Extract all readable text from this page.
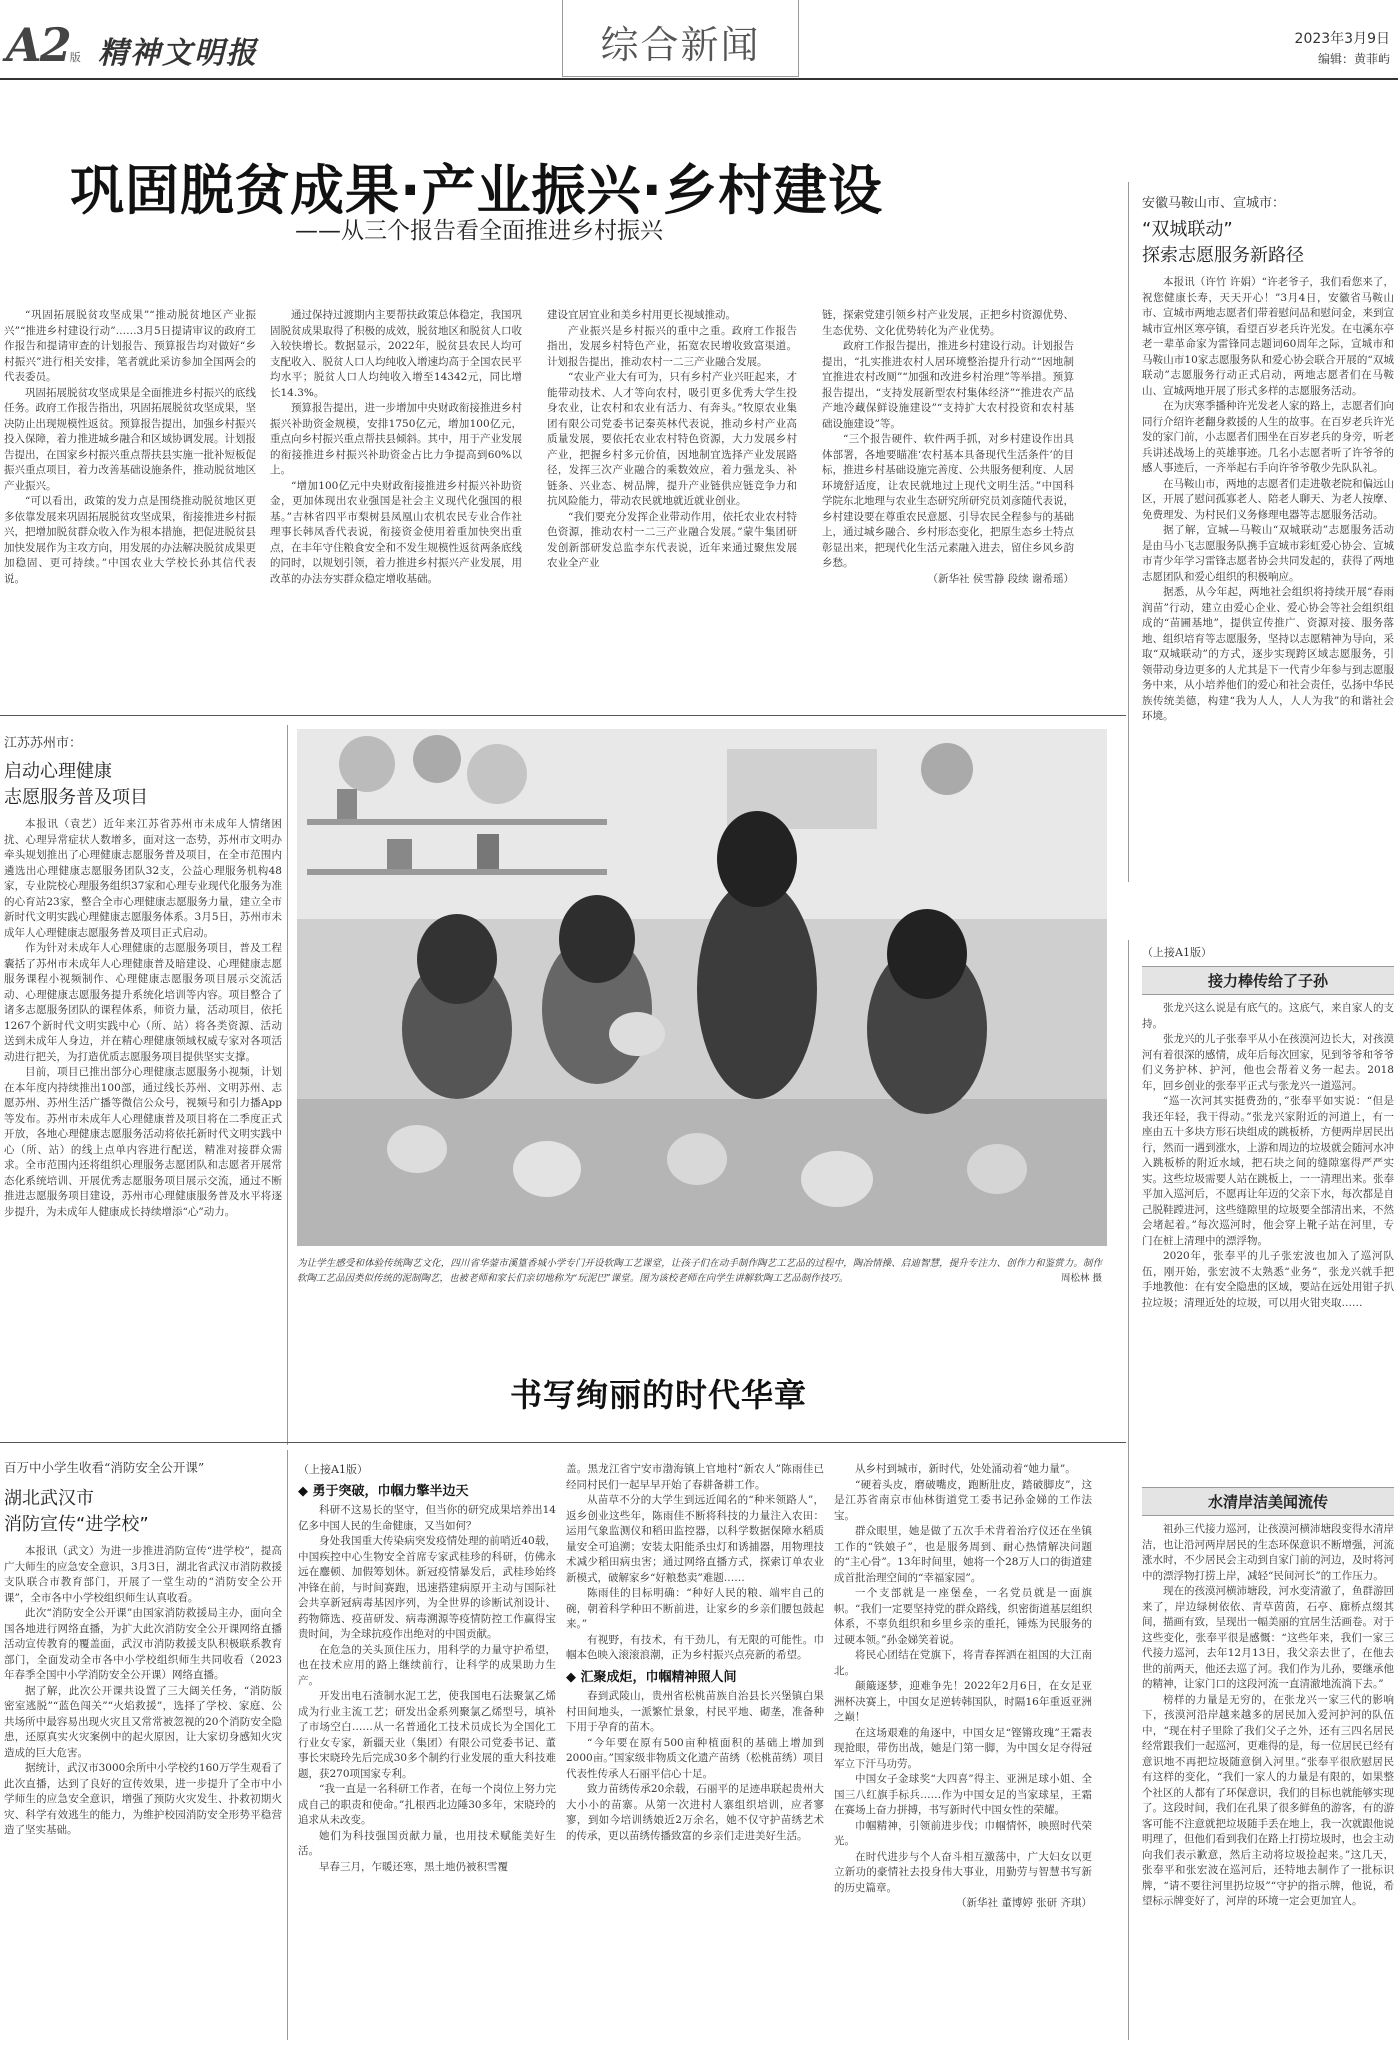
A2版 精神文明报	综合新闻	2023年3月9日
编辑：黄菲屿
巩固脱贫成果·产业振兴·乡村建设
——从三个报告看全面推进乡村振兴

“巩固拓展脱贫攻坚成果”“推动脱贫地区产业振兴”“推进乡村建设行动”……3月5日提请审议的政府工作报告和提请审查的计划报告、预算报告均对做好“乡村振兴”进行相关安排，笔者就此采访参加全国两会的代表委员。

巩固拓展脱贫攻坚成果是全面推进乡村振兴的底线任务。政府工作报告指出，巩固拓展脱贫攻坚成果，坚决防止出现规模性返贫。预算报告提出，加强乡村振兴投入保障，着力推进城乡融合和区域协调发展。计划报告提出，在国家乡村振兴重点帮扶县实施一批补短板促振兴重点项目，着力改善基础设施条件，推动脱贫地区产业振兴。

“可以看出，政策的发力点是围绕推动脱贫地区更多依靠发展来巩固拓展脱贫攻坚成果，衔接推进乡村振兴，把增加脱贫群众收入作为根本措施，把促进脱贫县加快发展作为主攻方向，用发展的办法解决脱贫成果更加稳固、更可持续。”中国农业大学校长孙其信代表说。

通过保持过渡期内主要帮扶政策总体稳定，我国巩固脱贫成果取得了积极的成效，脱贫地区和脱贫人口收入较快增长。数据显示，2022年，脱贫县农民人均可支配收入、脱贫人口人均纯收入增速均高于全国农民平均水平；脱贫人口人均纯收入增至14342元，同比增长14.3%。

预算报告提出，进一步增加中央财政衔接推进乡村振兴补助资金规模，安排1750亿元，增加100亿元，重点向乡村振兴重点帮扶县倾斜。其中，用于产业发展的衔接推进乡村振兴补助资金占比力争提高到60%以上。

“增加100亿元中央财政衔接推进乡村振兴补助资金，更加体现出农业强国是社会主义现代化强国的根基。”吉林省四平市梨树县凤凰山农机农民专业合作社理事长韩凤香代表说，衔接资金使用着重加快突出重点，在丰年守住粮食安全和不发生规模性返贫两条底线的同时，以规划引领，着力推进乡村振兴产业发展，用改革的办法夯实群众稳定增收基础。

建设宜居宜业和美乡村用更长视域推动。

产业振兴是乡村振兴的重中之重。政府工作报告指出，发展乡村特色产业，拓宽农民增收致富渠道。计划报告提出，推动农村一二三产业融合发展。

“农业产业大有可为，只有乡村产业兴旺起来，才能带动技术、人才等向农村，吸引更多优秀大学生投身农业，让农村和农业有活力、有奔头。”牧原农业集团有限公司党委书记秦英林代表说，推动乡村产业高质量发展，要依托农业农村特色资源，大力发展乡村产业，把握乡村多元价值，因地制宜选择产业发展路径，发挥三次产业融合的乘数效应，着力强龙头、补链条、兴业态、树品牌，提升产业链供应链竞争力和抗风险能力，带动农民就地就近就业创业。

“我们要充分发挥企业带动作用，依托农业农村特色资源，推动农村一二三产业融合发展。”蒙牛集团研发创新部研发总监李东代表说，近年来通过聚焦发展农业全产业

链，探索党建引领乡村产业发展，正把乡村资源优势、生态优势、文化优势转化为产业优势。

政府工作报告提出，推进乡村建设行动。计划报告提出，“扎实推进农村人居环境整治提升行动”“因地制宜推进农村改厕”“加强和改进乡村治理”等举措。预算报告提出，“支持发展新型农村集体经济”“推进农产品产地冷藏保鲜设施建设”“支持扩大农村投资和农村基础设施建设”等。

“三个报告硬件、软件两手抓，对乡村建设作出具体部署，各地要瞄准‘农村基本具备现代生活条件’的目标，推进乡村基础设施完善度、公共服务便利度、人居环境舒适度，让农民就地过上现代文明生活。”中国科学院东北地理与农业生态研究所研究员刘彦随代表说，乡村建设要在尊重农民意愿、引导农民全程参与的基础上，通过城乡融合、乡村形态变化，把原生态乡土特点彰显出来，把现代化生活元素融入进去，留住乡风乡韵乡愁。

（新华社 侯雪静 段续 谢希瑶）
安徽马鞍山市、宣城市：
“双城联动”
探索志愿服务新路径

本报讯（许竹 许娟）“许老爷子，我们看您来了，祝您健康长寿，天天开心！”3月4日，安徽省马鞍山市、宣城市两地志愿者们带着慰问品和慰问金，来到宣城市宣州区寒亭镇，看望百岁老兵许光发。在屯溪东亭老一辈革命家为雷锋同志题词60周年之际，宣城市和马鞍山市10家志愿服务队和爱心协会联合开展的“双城联动”志愿服务行动正式启动，两地志愿者们在马鞍山、宣城两地开展了形式多样的志愿服务活动。

在为庆寒季播种许光发老人家的路上，志愿者们向同行介绍许老翻身救援的人生的故事。在百岁老兵许光发的家门前，小志愿者们围坐在百岁老兵的身旁，听老兵讲述战场上的英雄事迹。几名小志愿者听了许爷爷的感人事迹后，一齐举起右手向许爷爷敬少先队队礼。

在马鞍山市，两地的志愿者们走进敬老院和偏远山区，开展了慰问孤寡老人、陪老人聊天、为老人按摩、免费理发、为村民们义务修理电器等志愿服务活动。

据了解，宣城—马鞍山“双城联动”志愿服务活动是由马小飞志愿服务队携手宣城市彩虹爱心协会、宣城市青少年学习雷锋志愿者协会共同发起的，获得了两地志愿团队和爱心组织的积极响应。

据悉，从今年起，两地社会组织将持续开展“春雨润苗”行动，建立由爱心企业、爱心协会等社会组织组成的“苗圃基地”，提供宣传推广、资源对接、服务落地、组织培育等志愿服务，坚持以志愿精神为导向，采取“双城联动”的方式，逐步实现跨区域志愿服务，引领带动身边更多的人尤其是下一代青少年参与到志愿服务中来，从小培养他们的爱心和社会责任，弘扬中华民族传统美德，构建“我为人人，人人为我”的和谐社会环境。

江苏苏州市：
启动心理健康
志愿服务普及项目

本报讯（袁艺）近年来江苏省苏州市未成年人情绪困扰、心理异常症状人数增多，面对这一态势，苏州市文明办牵头规划推出了心理健康志愿服务普及项目，在全市范围内遴选出心理健康志愿服务团队32支，公益心理服务机构48家，专业院校心理服务组织37家和心理专业现代化服务为准的心育站23家，整合全市心理健康志愿服务力量，建立全市新时代文明实践心理健康志愿服务体系。3月5日，苏州市未成年人心理健康志愿服务普及项目正式启动。

作为针对未成年人心理健康的志愿服务项目，普及工程囊括了苏州市未成年人心理健康普及暗建设、心理健康志愿服务课程小视频制作、心理健康志愿服务项目展示交流活动、心理健康志愿服务提升系统化培训等内容。项目整合了诸多志愿服务团队的课程体系，师资力量，活动项目，依托1267个新时代文明实践中心（所、站）将各类资源、活动送到未成年人身边，并在精心理健康领域权威专家对各项活动进行把关，为打造优质志愿服务项目提供坚实支撑。

目前，项目已推出部分心理健康志愿服务小视频，计划在本年度内持续推出100部，通过线长苏州、文明苏州、志愿苏州、苏州生活广播等微信公众号，视频号和引力播App等发布。苏州市未成年人心理健康普及项目将在二季度正式开放，各地心理健康志愿服务活动将依托新时代文明实践中心（所、站）的线上点单内容进行配送，精准对接群众需求。全市范围内还将组织心理服务志愿团队和志愿者开展常态化系统培训、开展优秀志愿服务项目展示交流，通过不断推进志愿服务项目建设，苏州市心理健康服务普及水平将逐步提升，为未成年人健康成长持续增添“心”动力。

为让学生感受和体验传统陶艺文化，四川省华蓥市溪篁香城小学专门开设软陶工艺课堂，让孩子们在动手制作陶艺工艺品的过程中，陶冶情操、启迪智慧，提升专注力、创作力和鉴赏力。制作软陶工艺品因类似传统的泥制陶艺，也被老师和家长们亲切地称为“玩泥巴”课堂。图为该校老师在向学生讲解软陶工艺品制作技巧。	周松林 摄
书写绚丽的时代华章
百万中小学生收看“消防安全公开课”
湖北武汉市
消防宣传“进学校”

本报讯（武文）为进一步推进消防宣传“进学校”，提高广大师生的应急安全意识，3月3日，湖北省武汉市消防救援支队联合市教育部门，开展了一堂生动的“消防安全公开课”，全市各中小学校组织师生认真收看。

此次“消防安全公开课”由国家消防救援局主办，面向全国各地进行网络直播，为扩大此次消防安全公开课网络直播活动宣传教育的覆盖面，武汉市消防救援支队积极联系教育部门，全面发动全市各中小学校组织师生共同收看（2023年春季全国中小学消防安全公开课）网络直播。

据了解，此次公开课共设置了三大阔关任务，“消防版密室逃脱”“蓝色闯关”“火焰救援”，选择了学校、家庭、公共场所中最容易出现火灾且又常常被忽视的20个消防安全隐患，还原真实火灾案例中的起火原因，让大家切身感知火灾造成的巨大危害。

据统计，武汉市3000余所中小学校约160万学生观看了此次直播，达到了良好的宣传效果，进一步提升了全市中小学师生的应急安全意识，增强了预防火灾发生、扑救初期火灾、科学有效逃生的能力，为维护校园消防安全形势平稳营造了坚实基础。

（上接A1版）
◆ 勇于突破，巾帼力擎半边天

科研不这易长的坚守，但当你的研究成果培养出14亿多中国人民的生命健康，又当如何？

身处我国重大传染病突发疫情处理的前哨近40载，中国疾控中心生物安全首席专家武桂珍的科研，仿佛永远在鏖顿、加假筹划休。新冠疫情暴发后，武桂珍始终冲锋在前，与时间赛跑，迅速搭建病原开主动与国际社会共享新冠病毒基因序列，为全世界的诊断试剂设计、药物筛选、疫苗研发、病毒溯源等疫情防控工作赢得宝贵时间，为全球抗疫作出绝对的中国贡献。

在危急的关头顶住压力，用科学的力量守护希望，也在技术应用的路上继续前行，让科学的成果助力生产。

开发出电石渣制水泥工艺，使我国电石法聚氯乙烯成为行业主流工艺；研发出金系列聚氯乙烯型号，填补了市场空白……从一名普通化工技术员成长为全国化工行业女专家，新疆天业（集团）有限公司党委书记、董事长宋晓玲先后完成30多个制约行业发展的重大科技难题，获270项国家专利。

“我一直是一名科研工作者，在每一个岗位上努力完成自己的职责和使命。”扎根西北边陲30多年，宋晓玲的追求从未改变。

她们为科技强国贡献力量，也用技术赋能美好生活。

早春三月，乍暖还寒，黑土地仍被积雪覆

盖。黑龙江省宁安市渤海镇上官地村“新农人”陈雨佳已经同村民们一起早早开始了春耕备耕工作。

从苗草不分的大学生到远近闻名的“种米领路人”，返乡创业这些年，陈雨佳不断将科技的力量注入农田：运用气象监测仪和稻田监控器，以科学数据保障水稻质量安全可追溯；安装太阳能杀虫灯和诱捕器，用物理技术减少稻田病虫害；通过网络直播方式，探索订单农业新模式，破解家乡“好粮愁卖”难题……

陈雨佳的目标明确：“种好人民的粮、端牢自己的碗，朝着科学种田不断前进，让家乡的乡亲们腰包鼓起来。”

有视野，有技术，有干劲儿，有无限的可能性。巾帼本色映入滚滚浪潮，正为乡村振兴点亮新的希望。

◆ 汇聚成炬，巾帼精神照人间

春到武陵山，贵州省松桃苗族自治县长兴堡镇白果村田间地头，一派繁忙景象，村民平地、砌垄，准备种下用于孕育的苗木。

“今年要在原有500亩种植面积的基础上增加到2000亩。”国家级非物质文化遗产苗绣（松桃苗绣）项目代表性传承人石丽平信心十足。

致力苗绣传承20余载，石丽平的足迹串联起贵州大大小小的苗寨。从第一次进村人寨组织培训，应者寥寥，到如今培训绣娘近2万余名，她不仅守护苗绣艺术的传承，更以苗绣传播致富的乡亲们走进美好生活。

从乡村到城市，新时代，处处涌动着“她力量”。

“硬着头皮，磨破嘴皮，跑断肚皮，踏破脚皮”，这是江苏省南京市仙林街道党工委书记孙金娣的工作法宝。

群众眼里，她是做了五次手术背着治疗仪还在坐镇工作的“铁娘子”，也是服务周到、耐心热情解决问题的“主心骨”。13年时间里，她将一个28万人口的街道建成首批治理空间的“幸福家园”。

一个支部就是一座堡垒，一名党员就是一面旗帜。“我们一定要坚持党的群众路线，织密街道基层组织体系，不辜负组织和乡里乡亲的重托，锤炼为民服务的过硬本领。”孙金娣笑着说。

将民心团结在党旗下，将青春挥洒在祖国的大江南北。

颠簸逐梦，迎难争先！2022年2月6日，在女足亚洲杯决赛上，中国女足逆转韩国队，时隔16年重返亚洲之巅！

在这场艰难的角逐中，中国女足“铿锵玫瑰”王霜表现抢眼，带伤出战，她是门第一脚，为中国女足夺得冠军立下汗马功劳。

中国女子金球奖“大四喜”得主、亚洲足球小姐、全国三八红旗手标兵……作为中国女足的当家球星，王霜在赛场上奋力拼搏，书写新时代中国女性的荣耀。

巾帼精神，引领前进步伐；巾帼情怀，映照时代荣光。

在时代进步与个人奋斗相互激荡中，广大妇女以更立新功的豪情社去投身伟大事业，用勤劳与智慧书写新的历史篇章。

（新华社 董博婷 张研 齐琪）
（上接A1版）
接力棒传给了子孙

张龙兴这么说是有底气的。这底气，来自家人的支持。

张龙兴的儿子张奉平从小在孩漠河边长大，对孩漠河有着很深的感情，成年后每次回家，见到爷爷和爷爷们义务护林、护河，他也会帮着义务一起去。2018年，回乡创业的张奉平正式与张龙兴一道巡河。

“巡一次河其实挺费劲的，”张奉平如实说：“但是我还年轻，我干得动。”张龙兴家附近的河道上，有一座由五十多块方形石块组成的跳板桥，方便两岸居民出行，然而一遇到涨水，上游和周边的垃圾就会随河水冲入跳板桥的附近水域，把石块之间的缝隙塞得严严实实。这些垃圾需要人站在跳板上，一一清理出来。张奉平加入巡河后，不愿再让年迈的父亲下水，每次都是自己脱鞋蹚进河，这些缝隙里的垃圾要全部清出来，不然会堵起着。”每次巡河时，他会穿上靴子站在河里，专门在桩上清理中的漂浮物。

2020年，张奉平的儿子张宏波也加入了巡河队伍，刚开始，张宏波不太熟悉“业务”，张龙兴就手把手地教他：在有安全隐患的区域，要站在远处用钳子扒拉垃圾；清理近处的垃圾，可以用火钳夹取……

水清岸洁美闻流传

祖孙三代接力巡河，让孩漠河横沛塘段变得水清岸洁，也让沿河两岸居民的生态环保意识不断增强，河流涨水时，不少居民会主动到自家门前的河边，及时将河中的漂浮物打捞上岸，减轻“民间河长”的工作压力。

现在的孩漠河横沛塘段，河水变清澈了，鱼群游回来了，岸边绿树依依、青草茵茵，石亭、廊桥点缀其间，描画有致，呈现出一幅美丽的宜居生活画卷。对于这些变化，张奉平很是感慨：“这些年来，我们一家三代接力巡河，去年12月13日，我父亲去世了，在他去世的前两天，他还去巡了河。我们作为儿孙，要继承他的精神，让家门口的这段河流一直清澈地流淌下去。”

榜样的力量是无穷的，在张龙兴一家三代的影响下，孩漠河沿岸越来越多的居民加入爱河护河的队伍中，“现在村子里除了我们父子之外，还有三四名居民经常跟我们一起巡河，更难得的是，每一位居民已经有意识地不再把垃圾随意倒入河里。”张奉平很欣慰居民有这样的变化，“我们一家人的力量是有限的，如果整个社区的人都有了环保意识，我们的目标也就能够实现了。这段时间，我们在孔果了很多鲜鱼的游客，有的游客可能不注意就把垃圾随手丢在地上，我一次就跟他说明理了，但他们看到我们在路上打捞垃圾时，也会主动向我们表示歉意，然后主动将垃圾捡起来。”这几天，张奉平和张宏波在巡河后，还特地去制作了一批标识牌，“请不要往河里扔垃圾”“守护的指示牌，他说，希望标示牌变好了，河岸的环境一定会更加宜人。
